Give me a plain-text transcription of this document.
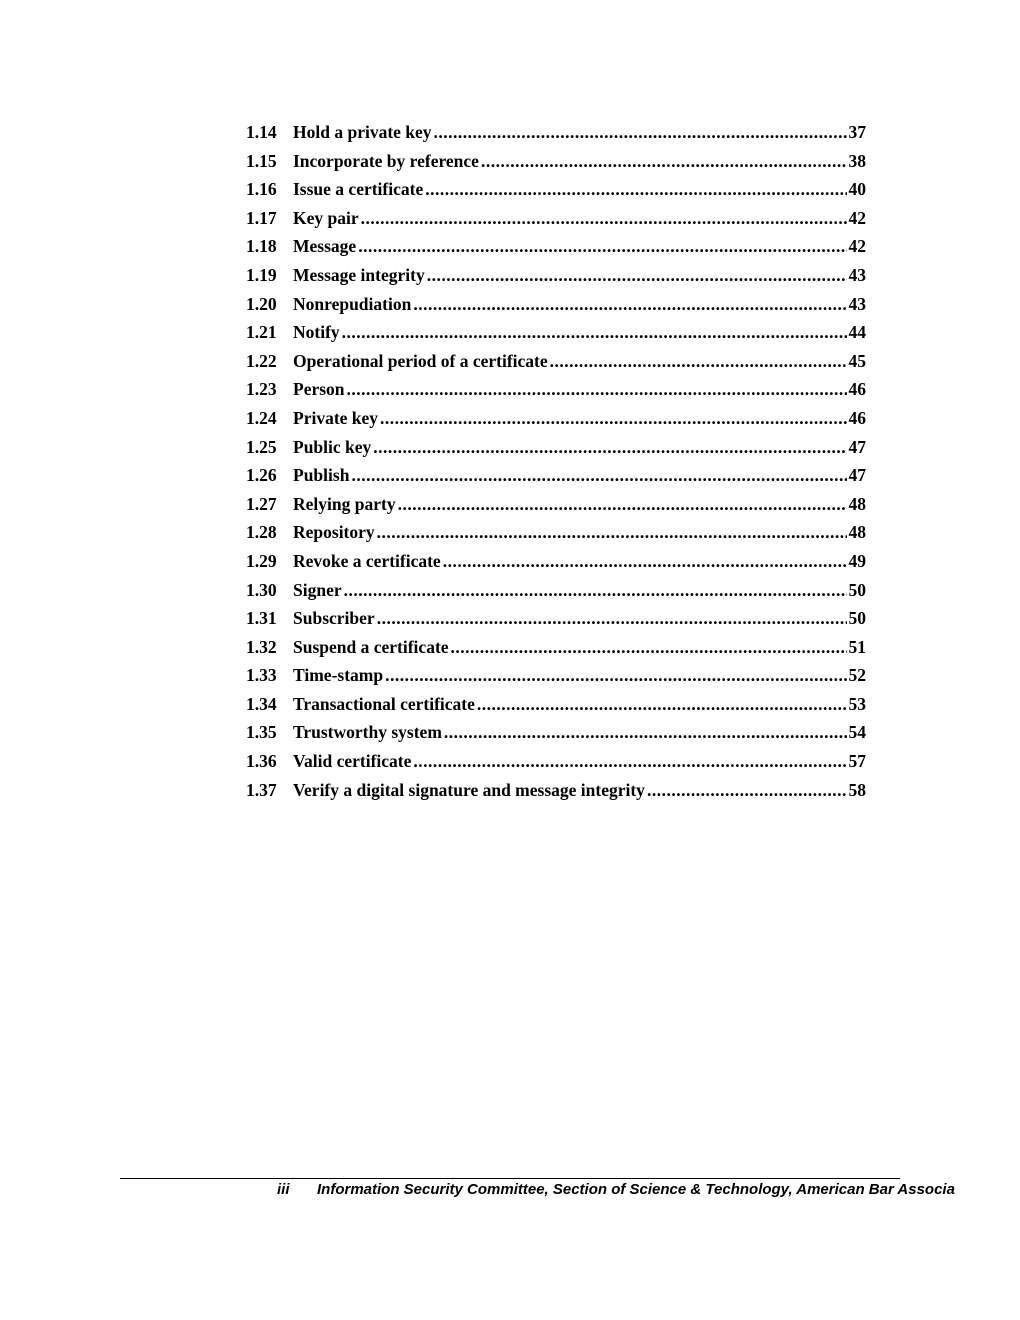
1.14 Hold a private key .....	37
1.15 Incorporate by reference .....	38
1.16 Issue a certificate .....	40
1.17 Key pair .....	42
1.18 Message .....	42
1.19 Message integrity .....	43
1.20 Nonrepudiation .....	43
1.21 Notify .....	44
1.22 Operational period of a certificate .....	45
1.23 Person .....	46
1.24 Private key .....	46
1.25 Public key .....	47
1.26 Publish .....	47
1.27 Relying party .....	48
1.28 Repository .....	48
1.29 Revoke a certificate .....	49
1.30 Signer .....	50
1.31 Subscriber .....	50
1.32 Suspend a certificate .....	51
1.33 Time-stamp .....	52
1.34 Transactional certificate .....	53
1.35 Trustworthy system .....	54
1.36 Valid certificate .....	57
1.37 Verify a digital signature and message integrity .....	58
iii	Information Security Committee, Section of Science & Technology, American Bar Associa
